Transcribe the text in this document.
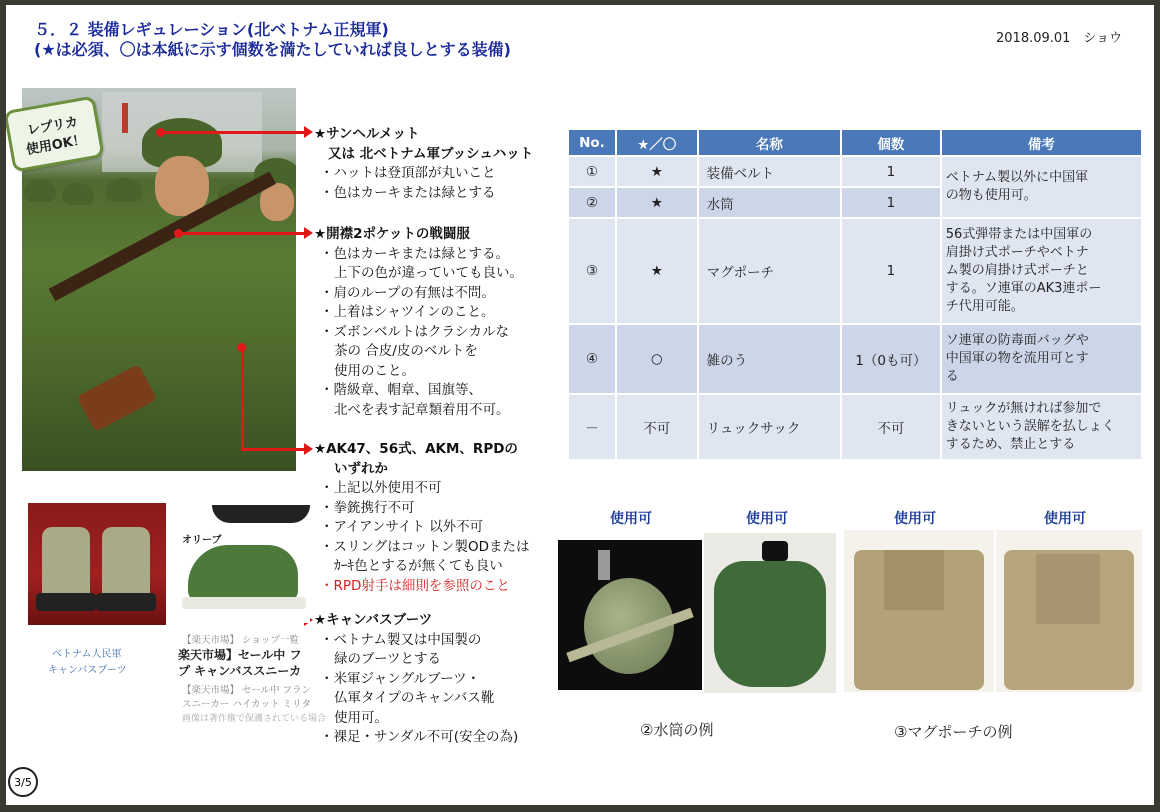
５．２ 装備レギュレーション(北ベトナム正規軍)
(★は必須、〇は本紙に示す個数を満たしていれば良しとする装備)
2018.09.01　ショウ
レプリカ
使用OK！	★サンヘルメット
又は 北ベトナム軍ブッシュハット
・ハットは登頂部が丸いこと
・色はカーキまたは緑とする
★開襟2ポケットの戦闘服
・色はカーキまたは緑とする。
上下の色が違っていても良い。
・肩のループの有無は不問。
・上着はシャツインのこと。
・ズボンベルトはクラシカルな
茶の 合皮/皮のベルトを
使用のこと。
・階級章、帽章、国旗等、
北べを表す記章類着用不可。
★AK47、56式、AKM、RPDの
いずれか
・上記以外使用不可
・拳銃携行不可
・アイアンサイト 以外不可
・スリングはコットン製ODまたは
ｶｰｷ色とするが無くても良い
・RPD射手は細則を参照のこと
★キャンバスブーツ
・ベトナム製又は中国製の
緑のブーツとする
・米軍ジャングルブーツ・
仏軍タイプのキャンバス靴
使用可。
・裸足・サンダル不可(安全の為)
ベトナム人民軍
キャンバスブーツ
オリーブ
【楽天市場】 ショップ一覧
楽天市場】セール中 フ
プ キャンバススニーカ
【楽天市場】 セール中 フラン
スニーカー ハイカット ミリタ
画像は著作権で保護されている場合
No.	★／〇	名称	個数	備考
①	★	装備ベルト	1	ベトナム製以外に中国軍
の物も使用可。

②	★	水筒	1	
③	★	マグポーチ	1	56式弾帯または中国軍の
肩掛け式ポーチやベトナ
ム製の肩掛け式ポーチと
する。ソ連軍のAK3連ポー
チ代用可能。

④	○	雑のう	1（0も可）	ソ連軍の防毒面バッグや
中国軍の物を流用可とす
る

－	不可	リュックサック	不可	リュックが無ければ参加で
きないという誤解を払しょく
するため、禁止とする
使用可	使用可	使用可	使用可
②水筒の例	③マグポーチの例
3/5
